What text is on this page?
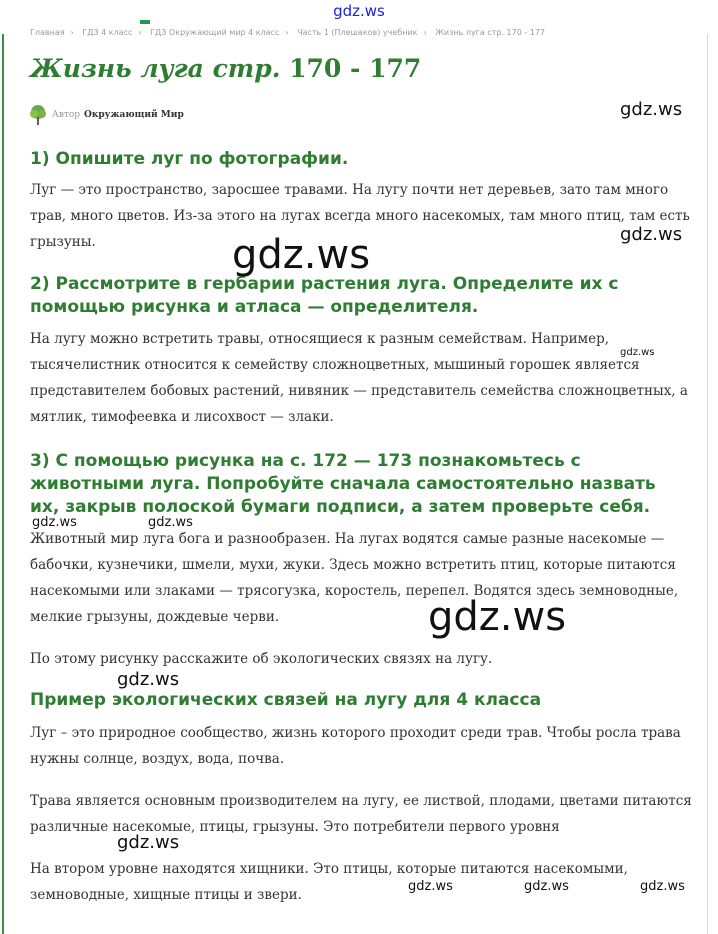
gdz.ws
Главная › ГДЗ 4 класс › ГДЗ Окружающий мир 4 класс › Часть 1 (Плешаков) учебник › Жизнь луга стр. 170 - 177
Жизнь луга стр. 170 - 177
Автор Окружающий Мир
1) Опишите луг по фотографии.

Луг — это пространство, заросшее травами. На лугу почти нет деревьев, зато там много трав, много цветов. Из-за этого на лугах всегда много насекомых, там много птиц, там есть грызуны.

2) Рассмотрите в гербарии растения луга. Определите их с помощью рисунка и атласа — определителя.

На лугу можно встретить травы, относящиеся к разным семействам. Например, тысячелистник относится к семейству сложноцветных, мышиный горошек является представителем бобовых растений, нивяник — представитель семейства сложноцветных, а мятлик, тимофеевка и лисохвост — злаки.

3) С помощью рисунка на с. 172 — 173 познакомьтесь с животными луга. Попробуйте сначала самостоятельно назвать их, закрыв полоской бумаги подписи, а затем проверьте себя.

Животный мир луга бога и разнообразен. На лугах водятся самые разные насекомые — бабочки, кузнечики, шмели, мухи, жуки. Здесь можно встретить птиц, которые питаются насекомыми или злаками — трясогузка, коростель, перепел. Водятся здесь земноводные, мелкие грызуны, дождевые черви.

По этому рисунку расскажите об экологических связях на лугу.

Пример экологических связей на лугу для 4 класса

Луг – это природное сообщество, жизнь которого проходит среди трав. Чтобы росла трава нужны солнце, воздух, вода, почва.

Трава является основным производителем на лугу, ее листвой, плодами, цветами питаются различные насекомые, птицы, грызуны. Это потребители первого уровня

На втором уровне находятся хищники. Это птицы, которые питаются насекомыми, земноводные, хищные птицы и звери.

gdz.ws
gdz.ws
gdz.ws
gdz.ws
gdz.ws	gdz.ws
gdz.ws
gdz.ws
gdz.ws
gdz.ws	gdz.ws	gdz.ws
